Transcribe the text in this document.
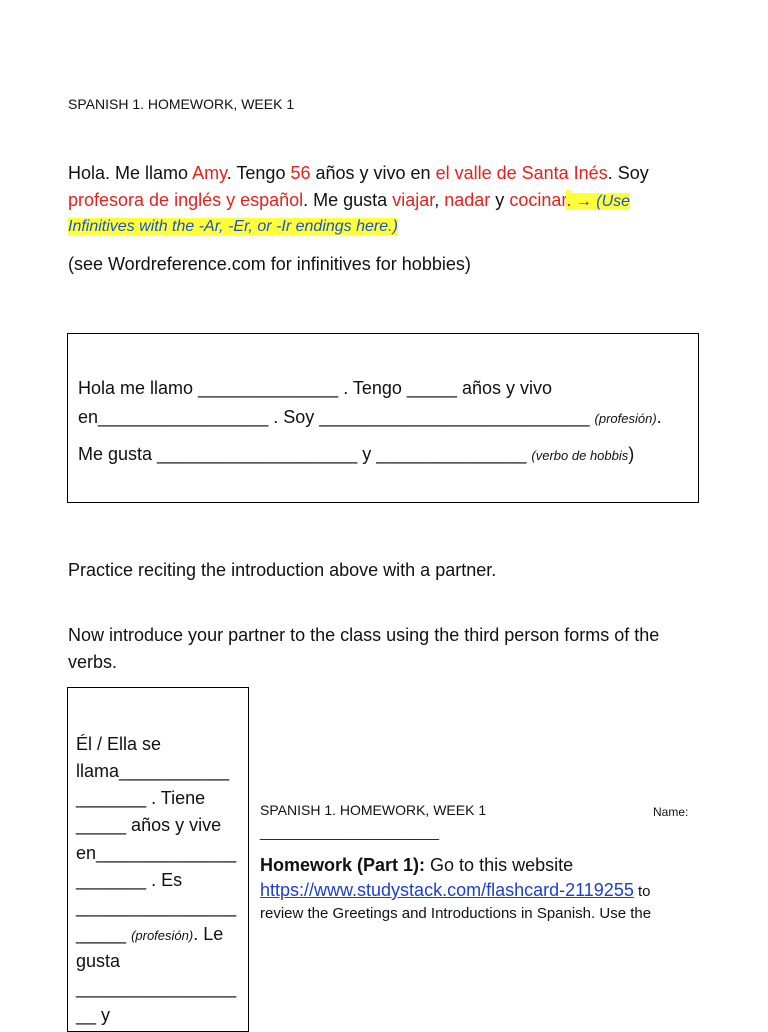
SPANISH 1. HOMEWORK, WEEK 1
Hola. Me llamo Amy. Tengo 56 años y vivo en el valle de Santa Inés. Soy
profesora de inglés y español. Me gusta viajar, nadar y cocinar. → (Use
Infinitives with the -Ar, -Er, or -Ir endings here.)
(see Wordreference.com for infinitives for hobbies)
Hola me llamo ______________ . Tengo _____ años y vivo
en_________________ . Soy ___________________________ (profesión).
Me gusta ____________________ y _______________ (verbo de hobbis)
Practice reciting the introduction above with a partner.
Now introduce your partner to the class using the third person forms of the
verbs.
Él / Ella se
llama___________
_______ . Tiene
_____ años y vive
en______________
_______ . Es
________________
_____ (profesión). Le
gusta
________________
__ y
SPANISH 1. HOMEWORK, WEEK 1	Name:
_______________________
Homework (Part 1): Go to this website
https://www.studystack.com/flashcard-2119255 to
review the Greetings and Introductions in Spanish. Use the
